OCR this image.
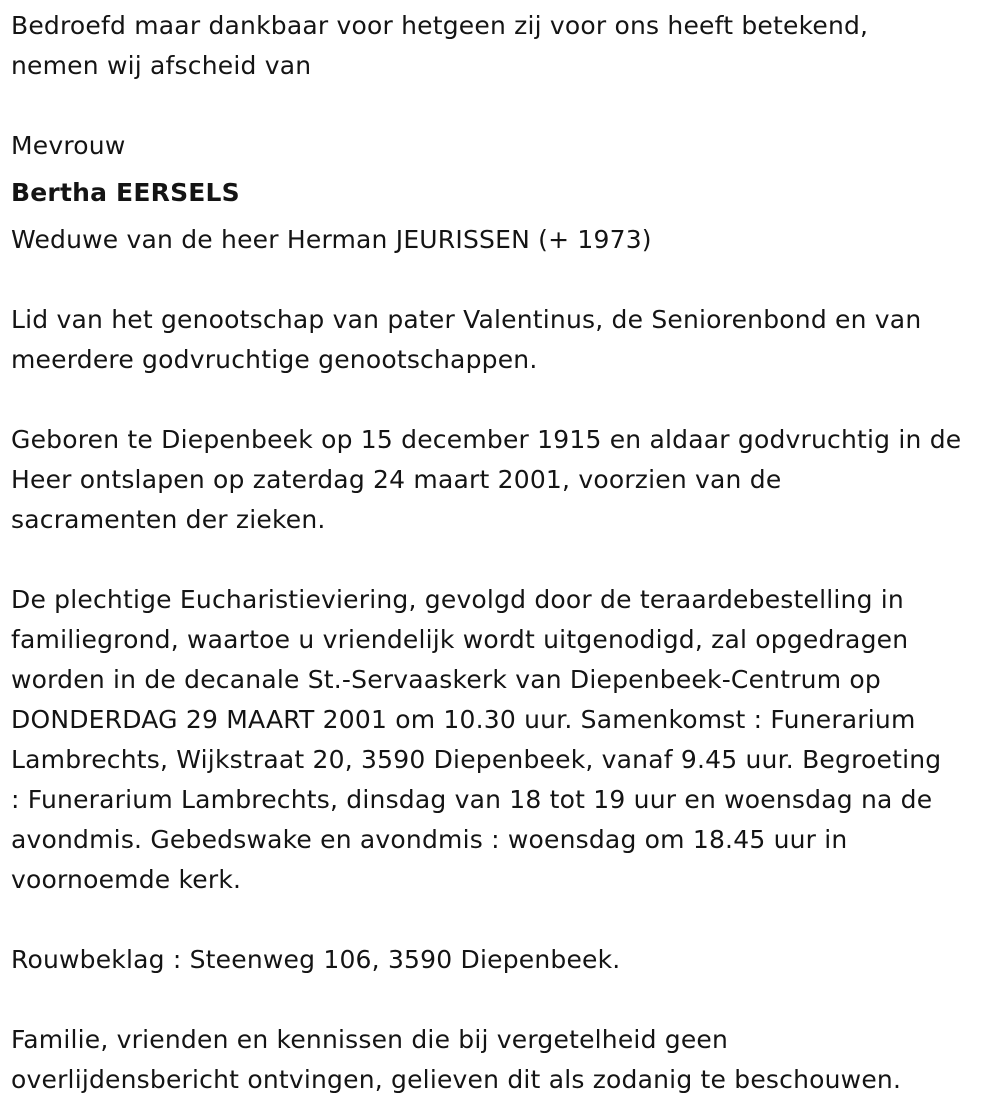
Bedroefd maar dankbaar voor hetgeen zij voor ons heeft betekend,

nemen wij afscheid van

Mevrouw

Bertha EERSELS

Weduwe van de heer Herman JEURISSEN (+ 1973)

Lid van het genootschap van pater Valentinus, de Seniorenbond en van

meerdere godvruchtige genootschappen.

Geboren te Diepenbeek op 15 december 1915 en aldaar godvruchtig in de

Heer ontslapen op zaterdag 24 maart 2001, voorzien van de

sacramenten der zieken.

De plechtige Eucharistieviering, gevolgd door de teraardebestelling in

familiegrond, waartoe u vriendelijk wordt uitgenodigd, zal opgedragen

worden in de decanale St.-Servaaskerk van Diepenbeek-Centrum op

DONDERDAG 29 MAART 2001 om 10.30 uur. Samenkomst : Funerarium

Lambrechts, Wijkstraat 20, 3590 Diepenbeek, vanaf 9.45 uur. Begroeting

: Funerarium Lambrechts, dinsdag van 18 tot 19 uur en woensdag na de

avondmis. Gebedswake en avondmis : woensdag om 18.45 uur in

voornoemde kerk.

Rouwbeklag : Steenweg 106, 3590 Diepenbeek.

Familie, vrienden en kennissen die bij vergetelheid geen

overlijdensbericht ontvingen, gelieven dit als zodanig te beschouwen.
